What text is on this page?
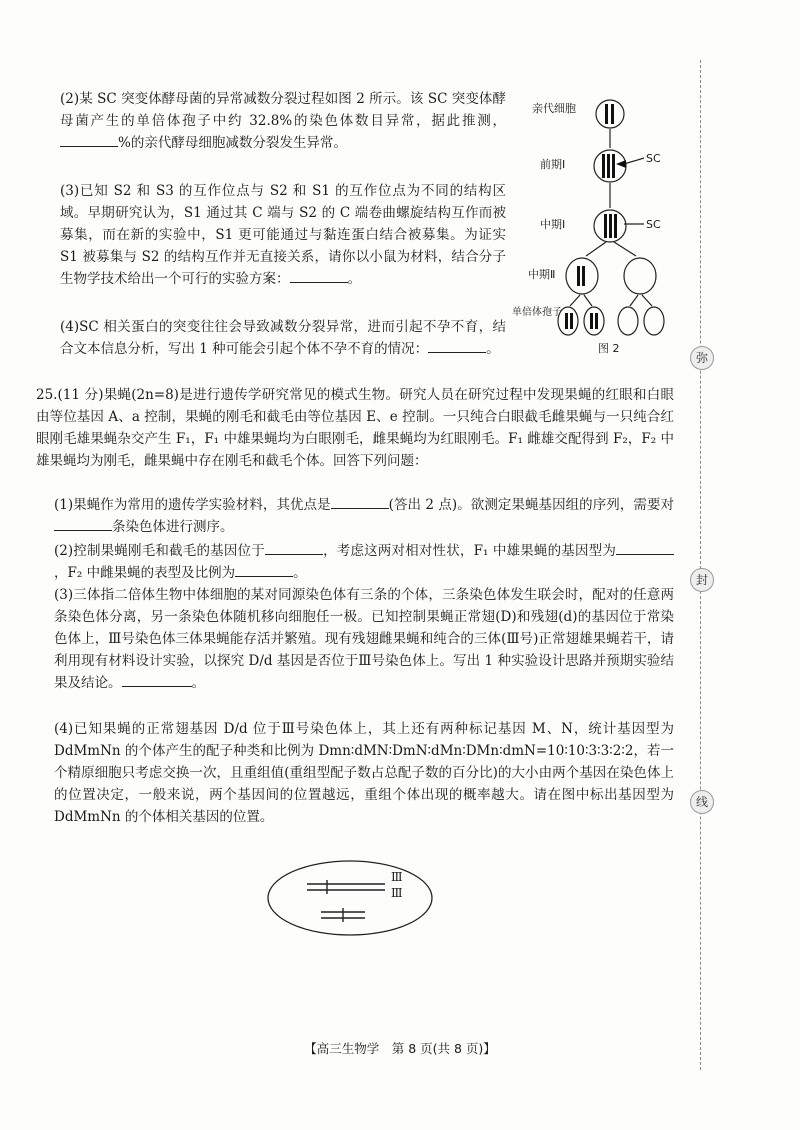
(2)某 SC 突变体酵母菌的异常减数分裂过程如图 2 所示。该 SC 突变体酵母菌产生的单倍体孢子中约 32.8%的染色体数目异常，据此推测，%的亲代酵母细胞减数分裂发生异常。

(3)已知 S2 和 S3 的互作位点与 S2 和 S1 的互作位点为不同的结构区域。早期研究认为，S1 通过其 C 端与 S2 的 C 端卷曲螺旋结构互作而被募集，而在新的实验中，S1 更可能通过与黏连蛋白结合被募集。为证实 S1 被募集与 S2 的结构互作并无直接关系，请你以小鼠为材料，结合分子生物学技术给出一个可行的实验方案：	。

(4)SC 相关蛋白的突变往往会导致减数分裂异常，进而引起不孕不育，结合文本信息分析，写出 1 种可能会引起个体不孕不育的情况：	。

亲代细胞
前期Ⅰ	SC
中期Ⅰ	SC
中期Ⅱ
单倍体孢子
图 2

25.(11 分)果蝇(2n=8)是进行遗传学研究常见的模式生物。研究人员在研究过程中发现果蝇的红眼和白眼由等位基因 A、a 控制，果蝇的刚毛和截毛由等位基因 E、e 控制。一只纯合白眼截毛雌果蝇与一只纯合红眼刚毛雄果蝇杂交产生 F₁，F₁ 中雄果蝇均为白眼刚毛，雌果蝇均为红眼刚毛。F₁ 雌雄交配得到 F₂，F₂ 中雄果蝇均为刚毛，雌果蝇中存在刚毛和截毛个体。回答下列问题：

(1)果蝇作为常用的遗传学实验材料，其优点是	(答出 2 点)。欲测定果蝇基因组的序列，需要对条染色体进行测序。

(2)控制果蝇刚毛和截毛的基因位于	，考虑这两对相对性状，F₁ 中雄果蝇的基因型为，F₂ 中雌果蝇的表型及比例为	。

(3)三体指二倍体生物中体细胞的某对同源染色体有三条的个体，三条染色体发生联会时，配对的任意两条染色体分离，另一条染色体随机移向细胞任一极。已知控制果蝇正常翅(D)和残翅(d)的基因位于常染色体上，Ⅲ号染色体三体果蝇能存活并繁殖。现有残翅雌果蝇和纯合的三体(Ⅲ号)正常翅雄果蝇若干，请利用现有材料设计实验，以探究 D/d 基因是否位于Ⅲ号染色体上。写出 1 种实验设计思路并预期实验结果及结论。	。

(4)已知果蝇的正常翅基因 D/d 位于Ⅲ号染色体上，其上还有两种标记基因 M、N，统计基因型为 DdMmNn 的个体产生的配子种类和比例为 Dmn∶dMN∶DmN∶dMn∶DMn∶dmN=10∶10∶3∶3∶2∶2，若一个精原细胞只考虑交换一次，且重组值(重组型配子数占总配子数的百分比)的大小由两个基因在染色体上的位置决定，一般来说，两个基因间的位置越远，重组个体出现的概率越大。请在图中标出基因型为 DdMmNn 的个体相关基因的位置。

Ⅲ
Ⅲ
弥
封
线
【高三生物学　第 8 页(共 8 页)】
